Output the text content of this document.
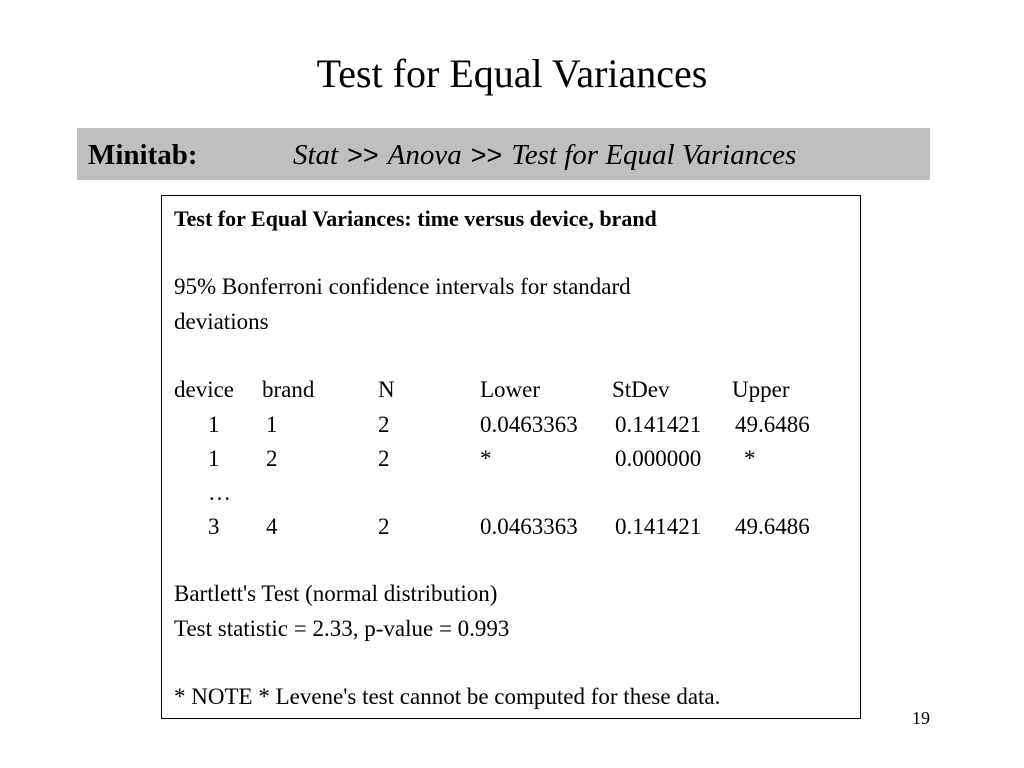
Test for Equal Variances
Minitab:	Stat >> Anova >> Test for Equal Variances
Test for Equal Variances: time versus device, brand
95% Bonferroni confidence intervals for standard
deviations
device brand	N	Lower	StDev	Upper
1 1	2	0.0463363 0.141421 49.6486
1 2	2	*	0.000000 *
…
3 4	2	0.0463363 0.141421 49.6486
Bartlett's Test (normal distribution)
Test statistic = 2.33, p-value = 0.993
* NOTE * Levene's test cannot be computed for these data.
19
